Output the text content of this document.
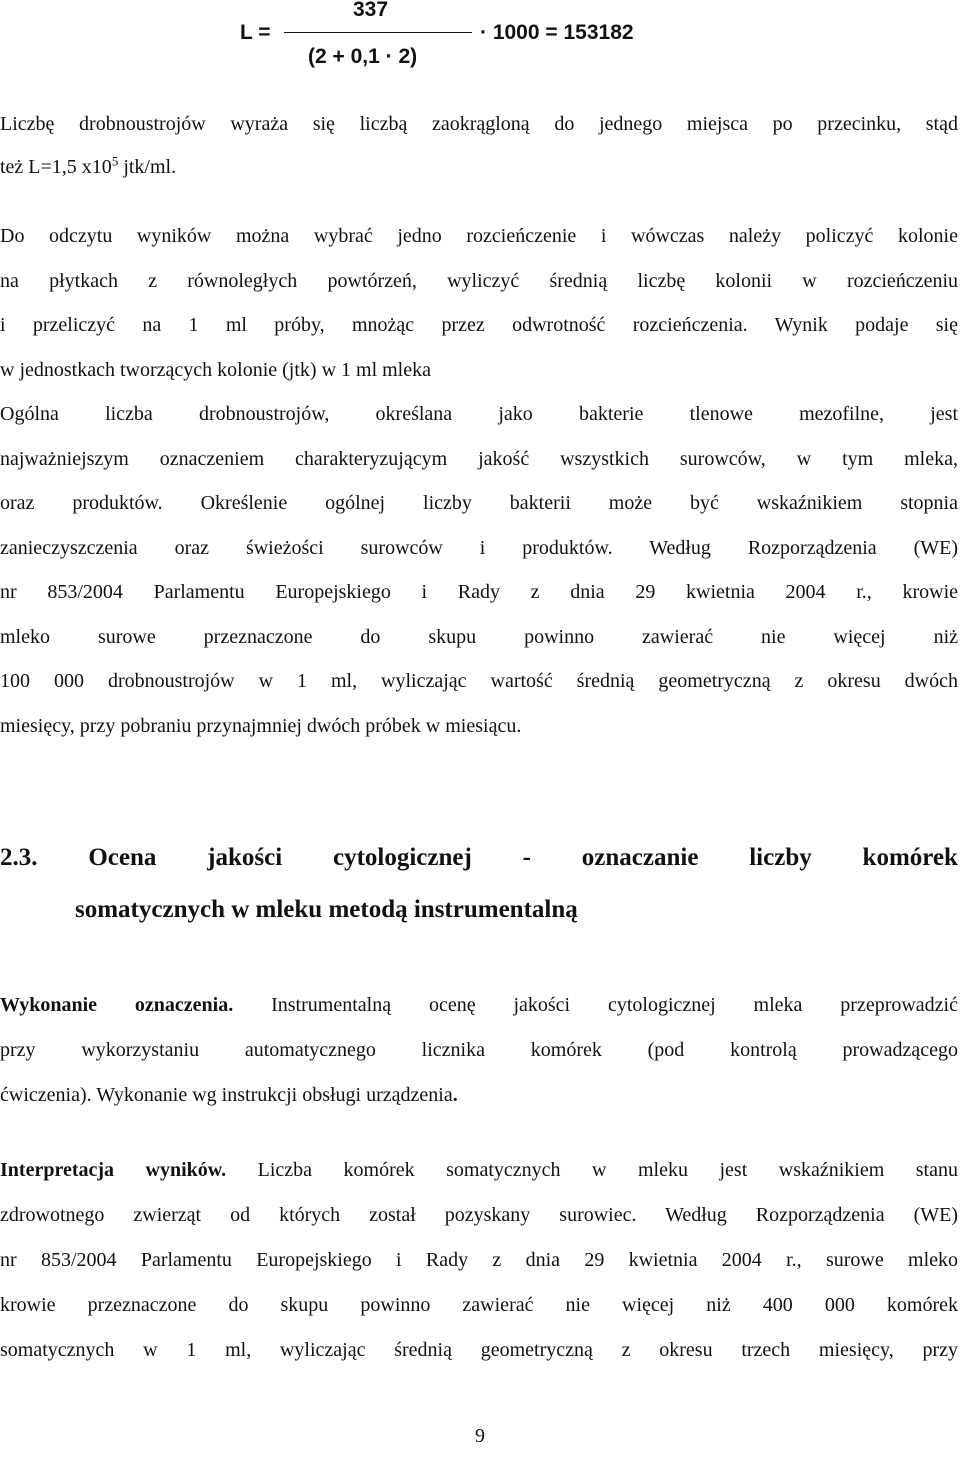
L =
337
(2 + 0,1 · 2)
· 1000 = 153182

Liczbę drobnoustrojów wyraża się liczbą zaokrągloną do jednego miejsca po przecinku, stąd
też L=1,5 $x10^5$ jtk/ml.

Do odczytu wyników można wybrać jedno rozcieńczenie i wówczas należy policzyć kolonie
na płytkach z równoległych powtórzeń, wyliczyć średnią liczbę kolonii w rozcieńczeniu
i przeliczyć na 1 ml próby, mnożąc przez odwrotność rozcieńczenia. Wynik podaje się
w jednostkach tworzących kolonie (jtk) w 1 ml mleka

Ogólna liczba drobnoustrojów, określana jako bakterie tlenowe mezofilne, jest
najważniejszym oznaczeniem charakteryzującym jakość wszystkich surowców, w tym mleka,
oraz produktów. Określenie ogólnej liczby bakterii może być wskaźnikiem stopnia
zanieczyszczenia oraz świeżości surowców i produktów. Według Rozporządzenia (WE)
nr 853/2004 Parlamentu Europejskiego i Rady z dnia 29 kwietnia 2004 r., krowie
mleko surowe przeznaczone do skupu powinno zawierać nie więcej niż
100 000 drobnoustrojów w 1 ml, wyliczając wartość średnią geometryczną z okresu dwóch
miesięcy, przy pobraniu przynajmniej dwóch próbek w miesiącu.

2.3. Ocena jakości cytologicznej - oznaczanie liczby komórek
somatycznych w mleku metodą instrumentalną

Wykonanie oznaczenia. Instrumentalną ocenę jakości cytologicznej mleka przeprowadzić
przy wykorzystaniu automatycznego licznika komórek (pod kontrolą prowadzącego
ćwiczenia). Wykonanie wg instrukcji obsługi urządzenia.

Interpretacja wyników. Liczba komórek somatycznych w mleku jest wskaźnikiem stanu
zdrowotnego zwierząt od których został pozyskany surowiec. Według Rozporządzenia (WE)
nr 853/2004 Parlamentu Europejskiego i Rady z dnia 29 kwietnia 2004 r., surowe mleko
krowie przeznaczone do skupu powinno zawierać nie więcej niż 400 000 komórek
somatycznych w 1 ml, wyliczając średnią geometryczną z okresu trzech miesięcy, przy

9
